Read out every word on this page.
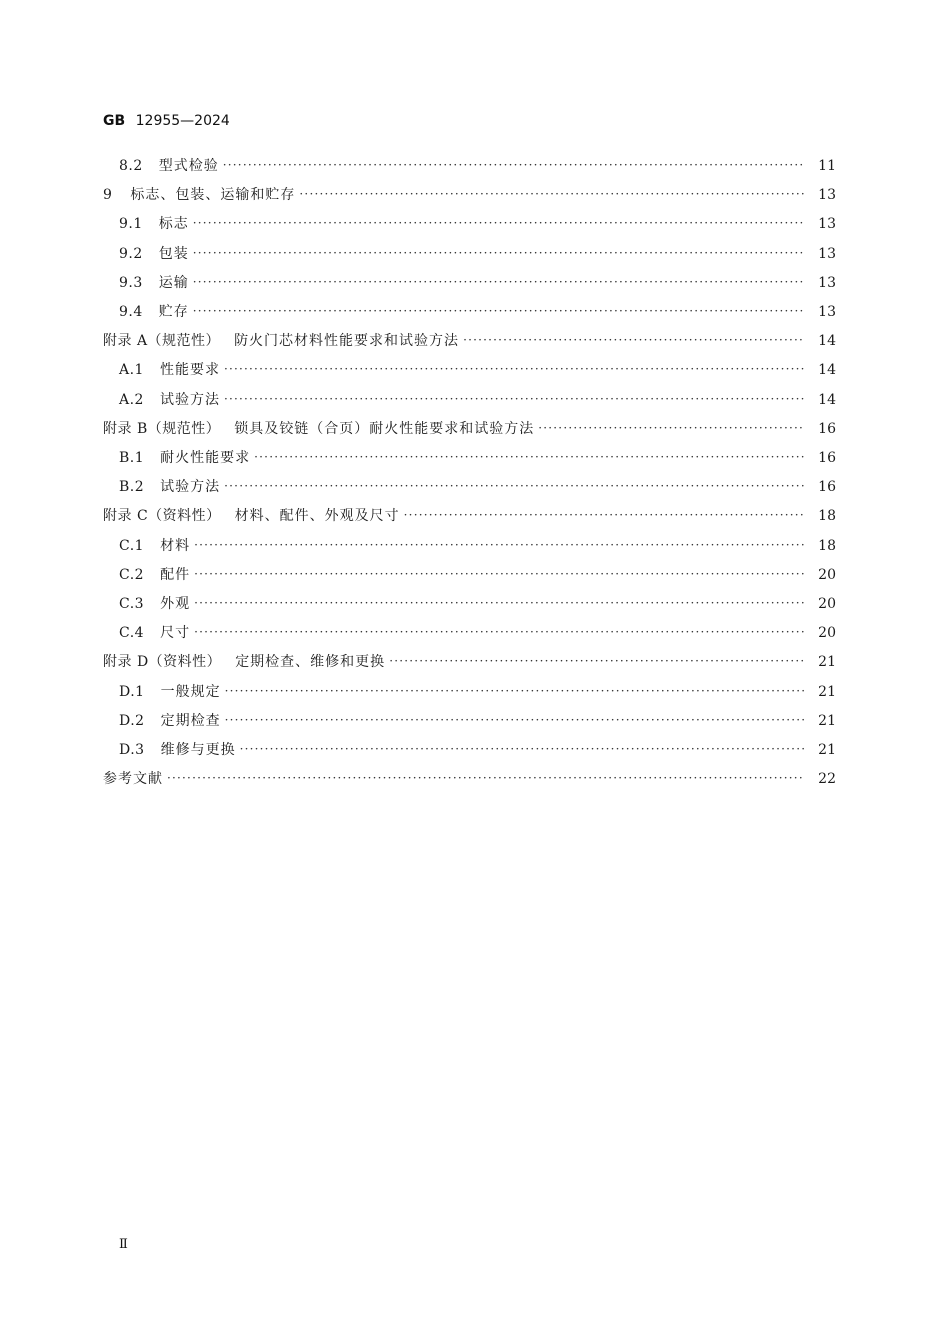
GB 12955—2024
8.2 型式检验 ·····	11
9 标志、包装、运输和贮存 ·····	13
9.1 标志 ·····	13
9.2 包装 ·····	13
9.3 运输 ·····	13
9.4 贮存 ·····	13
附录 A（规范性） 防火门芯材料性能要求和试验方法 ·····	14
A.1 性能要求 ·····	14
A.2 试验方法 ·····	14
附录 B（规范性） 锁具及铰链（合页）耐火性能要求和试验方法 ·····	16
B.1 耐火性能要求 ·····	16
B.2 试验方法 ·····	16
附录 C（资料性） 材料、配件、外观及尺寸 ·····	18
C.1 材料 ·····	18
C.2 配件 ·····	20
C.3 外观 ·····	20
C.4 尺寸 ·····	20
附录 D（资料性） 定期检查、维修和更换 ·····	21
D.1 一般规定 ·····	21
D.2 定期检查 ·····	21
D.3 维修与更换 ·····	21
参考文献 ·····	22
Ⅱ
